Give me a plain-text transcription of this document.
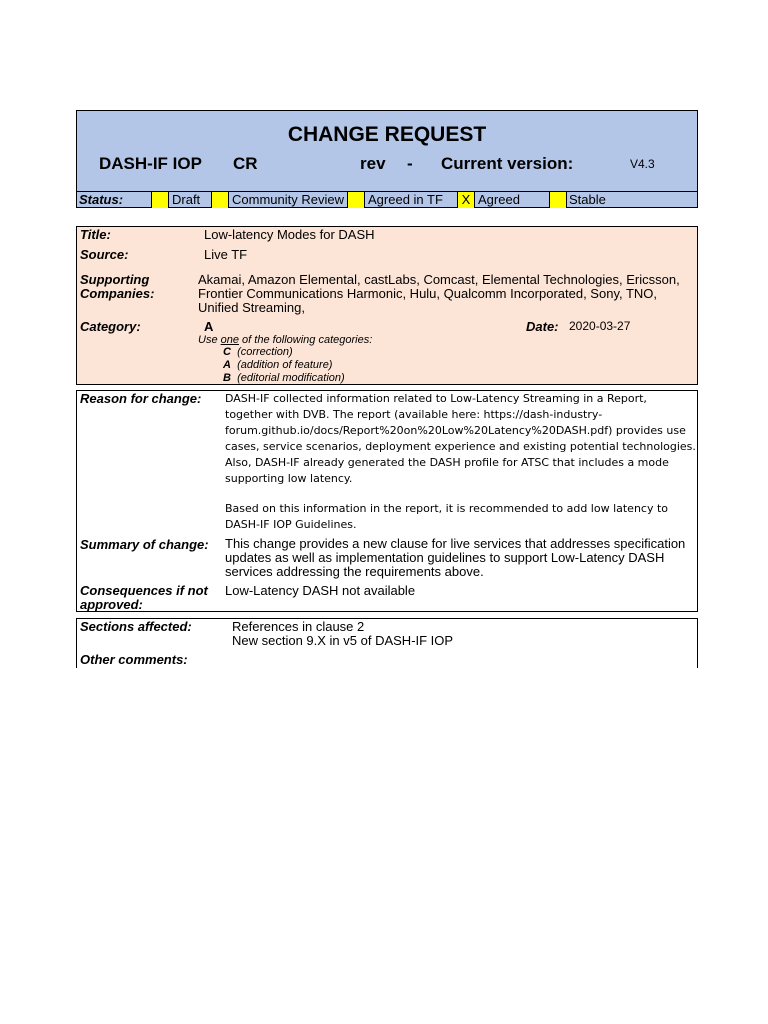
CHANGE REQUEST
DASH-IF IOP CR	rev - Current version:	V4.3
Status:	Draft Community Review Agreed in TF	X Agreed	Stable
Title:	Low-latency Modes for DASH
Source:	Live TF
Supporting
Companies:
Akamai, Amazon Elemental, castLabs, Comcast, Elemental Technologies, Ericsson,
Frontier Communications Harmonic, Hulu, Qualcomm Incorporated, Sony, TNO,
Unified Streaming,
Category:	A	Date: 2020-03-27
Use one of the following categories:
C (correction)
A (addition of feature)
B (editorial modification)
Reason for change: DASH-IF collected information related to Low-Latency Streaming in a Report,
together with DVB. The report (available here: https://dash-industry-
forum.github.io/docs/Report%20on%20Low%20Latency%20DASH.pdf) provides use
cases, service scenarios, deployment experience and existing potential technologies.
Also, DASH-IF already generated the DASH profile for ATSC that includes a mode
supporting low latency.
Based on this information in the report, it is recommended to add low latency to
DASH-IF IOP Guidelines.
Summary of change: This change provides a new clause for live services that addresses specification
updates as well as implementation guidelines to support Low-Latency DASH
services addressing the requirements above.
Consequences if not
approved:
Low-Latency DASH not available
Sections affected:	References in clause 2
New section 9.X in v5 of DASH-IF IOP
Other comments:
